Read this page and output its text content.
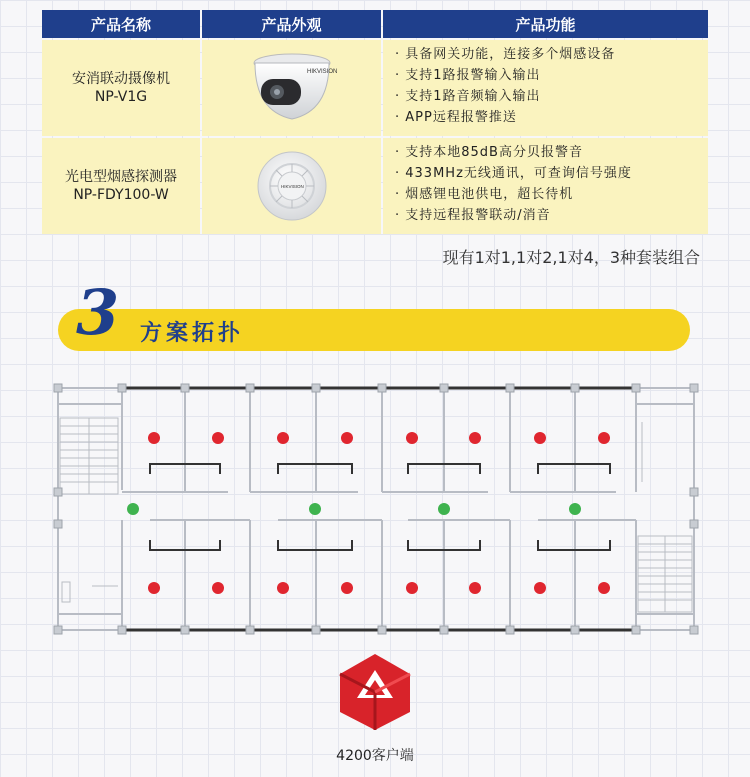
产品名称	产品外观	产品功能
安消联动摄像机
NP-V1G
HIKVISION
· 具备网关功能，连接多个烟感设备
· 支持1路报警输入输出
· 支持1路音频输入输出
· APP远程报警推送
光电型烟感探测器
NP-FDY100-W
HIKVISION
· 支持本地85dB高分贝报警音
· 433MHz无线通讯，可查询信号强度
· 烟感锂电池供电，超长待机
· 支持远程报警联动/消音
现有1对1,1对2,1对4，3种套装组合
3 方案拓扑
4200客户端
